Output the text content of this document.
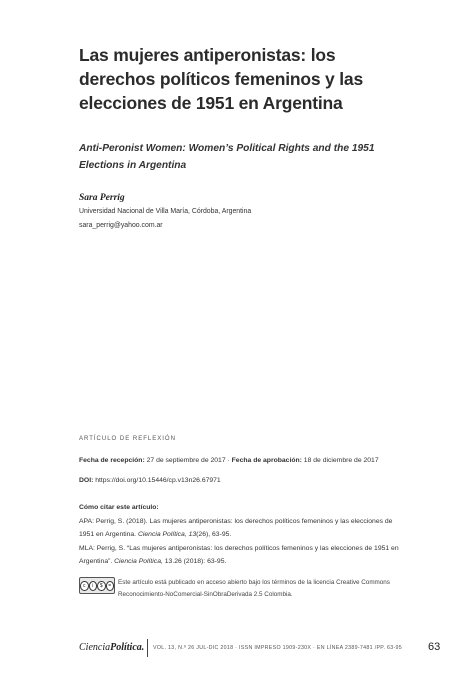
Las mujeres antiperonistas: los derechos políticos femeninos y las elecciones de 1951 en Argentina
Anti-Peronist Women: Women’s Political Rights and the 1951 Elections in Argentina
Sara Perrig
Universidad Nacional de Villa María, Córdoba, Argentina
sara_perrig@yahoo.com.ar
ARTÍCULO DE REFLEXIÓN
Fecha de recepción: 27 de septiembre de 2017 · Fecha de aprobación: 18 de diciembre de 2017
DOI: https://doi.org/10.15446/cp.v13n26.67971
Cómo citar este artículo:
APA: Perrig, S. (2018). Las mujeres antiperonistas: los derechos políticos femeninos y las elecciones de 1951 en Argentina. Ciencia Política, 13(26), 63-95.
MLA: Perrig, S. “Las mujeres antiperonistas: los derechos políticos femeninos y las elecciones de 1951 en Argentina”. Ciencia Política, 13.26 (2018): 63-95.
c	i	$	=	Este artículo está publicado en acceso abierto bajo los términos de la licencia Creative Commons Reconocimiento-NoComercial-SinObraDerivada 2.5 Colombia.
CienciaPolítica. VOL. 13, N.º 26 JUL-DIC 2018 · ISSN IMPRESO 1909-230X · EN LÍNEA 2389-7481 /PP. 63-95 63
